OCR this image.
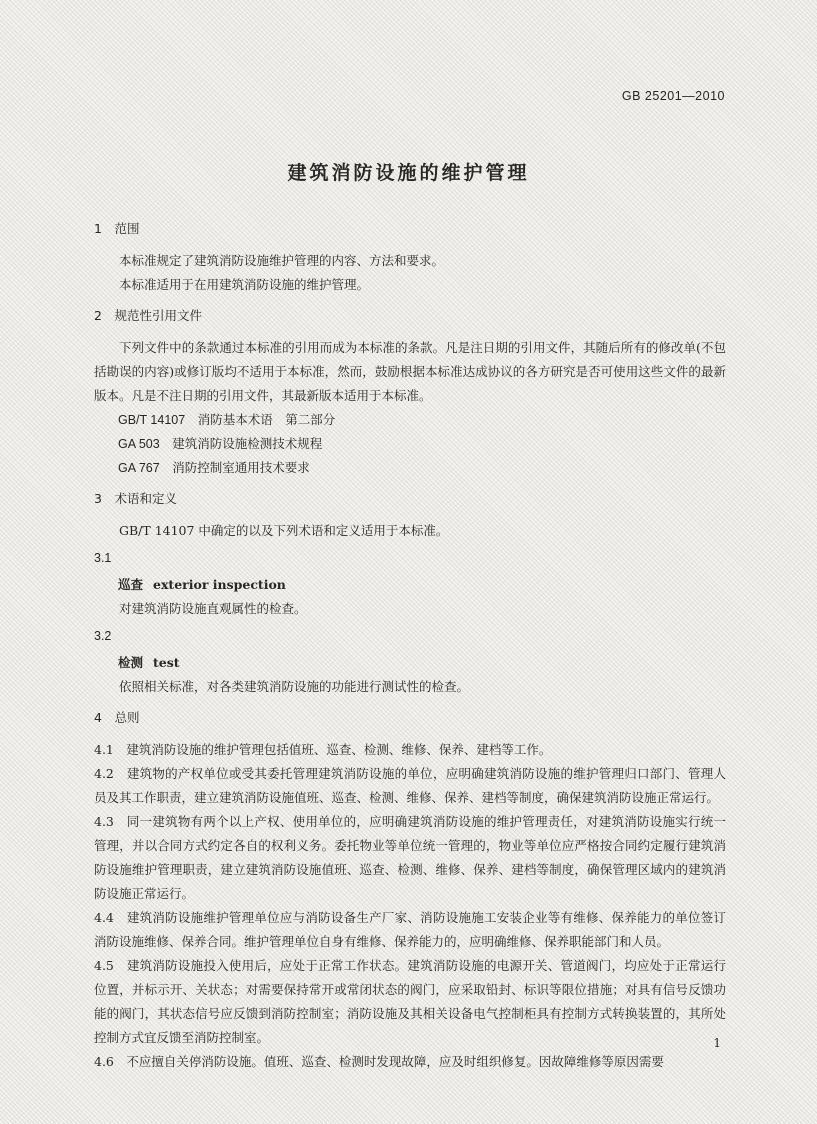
GB 25201—2010
建筑消防设施的维护管理
1　范围
本标准规定了建筑消防设施维护管理的内容、方法和要求。
本标准适用于在用建筑消防设施的维护管理。
2　规范性引用文件
下列文件中的条款通过本标准的引用而成为本标准的条款。凡是注日期的引用文件，其随后所有的修改单(不包括勘误的内容)或修订版均不适用于本标准，然而，鼓励根据本标准达成协议的各方研究是否可使用这些文件的最新版本。凡是不注日期的引用文件，其最新版本适用于本标准。
GB/T 14107　 消防基本术语　第二部分
GA 503　 建筑消防设施检测技术规程
GA 767　 消防控制室通用技术要求
3　术语和定义
GB/T 14107 中确定的以及下列术语和定义适用于本标准。
3.1
巡查 exterior inspection
对建筑消防设施直观属性的检查。
3.2
检测 test
依照相关标准，对各类建筑消防设施的功能进行测试性的检查。
4　总则
4.1　建筑消防设施的维护管理包括值班、巡查、检测、维修、保养、建档等工作。
4.2　建筑物的产权单位或受其委托管理建筑消防设施的单位，应明确建筑消防设施的维护管理归口部门、管理人员及其工作职责，建立建筑消防设施值班、巡查、检测、维修、保养、建档等制度，确保建筑消防设施正常运行。
4.3　同一建筑物有两个以上产权、使用单位的，应明确建筑消防设施的维护管理责任，对建筑消防设施实行统一管理，并以合同方式约定各自的权利义务。委托物业等单位统一管理的，物业等单位应严格按合同约定履行建筑消防设施维护管理职责，建立建筑消防设施值班、巡查、检测、维修、保养、建档等制度，确保管理区域内的建筑消防设施正常运行。
4.4　建筑消防设施维护管理单位应与消防设备生产厂家、消防设施施工安装企业等有维修、保养能力的单位签订消防设施维修、保养合同。维护管理单位自身有维修、保养能力的，应明确维修、保养职能部门和人员。
4.5　建筑消防设施投入使用后，应处于正常工作状态。建筑消防设施的电源开关、管道阀门，均应处于正常运行位置，并标示开、关状态；对需要保持常开或常闭状态的阀门，应采取铅封、标识等限位措施；对具有信号反馈功能的阀门，其状态信号应反馈到消防控制室；消防设施及其相关设备电气控制柜具有控制方式转换装置的，其所处控制方式宜反馈至消防控制室。
4.6　不应擅自关停消防设施。值班、巡查、检测时发现故障，应及时组织修复。因故障维修等原因需要
1
